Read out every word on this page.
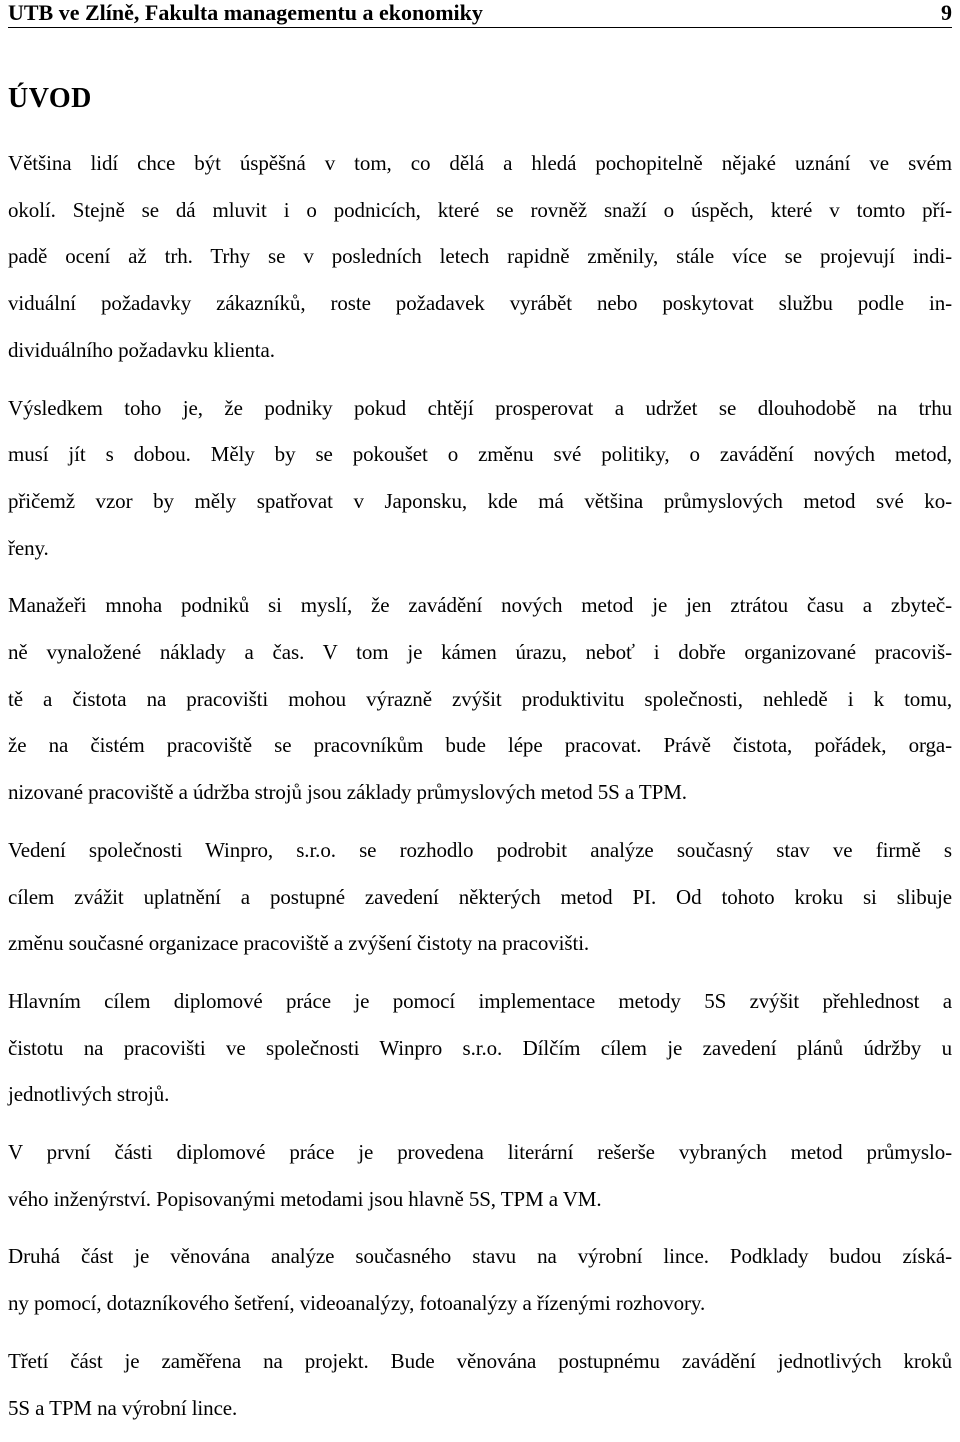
UTB ve Zlíně, Fakulta managementu a ekonomiky	9
ÚVOD

Většina lidí chce být úspěšná v tom, co dělá a hledá pochopitelně nějaké uznání ve svém
okolí. Stejně se dá mluvit i o podnicích, které se rovněž snaží o úspěch, které v tomto pří-
padě ocení až trh. Trhy se v posledních letech rapidně změnily, stále více se projevují indi-
viduální požadavky zákazníků, roste požadavek vyrábět nebo poskytovat službu podle in-
dividuálního požadavku klienta.

Výsledkem toho je, že podniky pokud chtějí prosperovat a udržet se dlouhodobě na trhu
musí jít s dobou. Měly by se pokoušet o změnu své politiky, o zavádění nových metod,
přičemž vzor by měly spatřovat v Japonsku, kde má většina průmyslových metod své ko-
řeny.

Manažeři mnoha podniků si myslí, že zavádění nových metod je jen ztrátou času a zbyteč-
ně vynaložené náklady a čas. V tom je kámen úrazu, neboť i dobře organizované pracoviš-
tě a čistota na pracovišti mohou výrazně zvýšit produktivitu společnosti, nehledě i k tomu,
že na čistém pracoviště se pracovníkům bude lépe pracovat. Právě čistota, pořádek, orga-
nizované pracoviště a údržba strojů jsou základy průmyslových metod 5S a TPM.

Vedení společnosti Winpro, s.r.o. se rozhodlo podrobit analýze současný stav ve firmě s
cílem zvážit uplatnění a postupné zavedení některých metod PI. Od tohoto kroku si slibuje
změnu současné organizace pracoviště a zvýšení čistoty na pracovišti.

Hlavním cílem diplomové práce je pomocí implementace metody 5S zvýšit přehlednost a
čistotu na pracovišti ve společnosti Winpro s.r.o. Dílčím cílem je zavedení plánů údržby u
jednotlivých strojů.

V první části diplomové práce je provedena literární rešerše vybraných metod průmyslo-
vého inženýrství. Popisovanými metodami jsou hlavně 5S, TPM a VM.

Druhá část je věnována analýze současného stavu na výrobní lince. Podklady budou získá-
ny pomocí, dotazníkového šetření, videoanalýzy, fotoanalýzy a řízenými rozhovory.

Třetí část je zaměřena na projekt. Bude věnována postupnému zavádění jednotlivých kroků
5S a TPM na výrobní lince.
